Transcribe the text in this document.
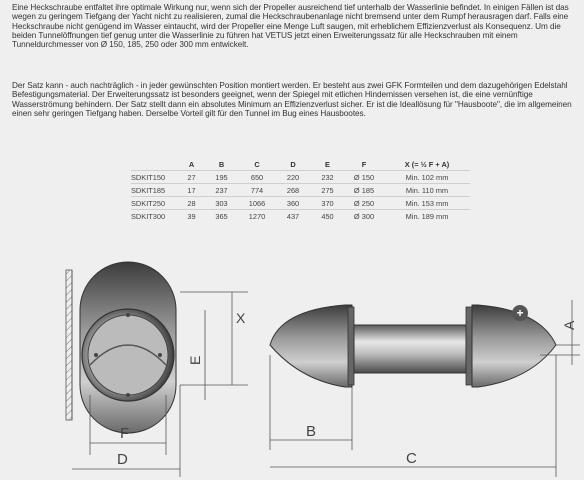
Eine Heckschraube entfaltet ihre optimale Wirkung nur, wenn sich der Propeller ausreichend tief unterhalb der Wasserlinie befindet. In einigen Fällen ist das wegen zu geringem Tiefgang der Yacht nicht zu realisieren, zumal die Heckschraubenanlage nicht bremsend unter dem Rumpf herausragen darf. Falls eine Heckschraube nicht genügend im Wasser eintaucht, wird der Propeller eine Menge Luft saugen, mit erheblichem Effizienzverlust als Konsequenz. Um die beiden Tunnelöffnungen tief genug unter die Wasserlinie zu führen hat VETUS jetzt einen Erweiterungssatz für alle Heckschrauben mit einem Tunneldurchmesser von Ø 150, 185, 250 oder 300 mm entwickelt.

Der Satz kann - auch nachträglich - in jeder gewünschten Position montiert werden. Er besteht aus zwei GFK Formteilen und dem dazugehörigen Edelstahl Befestigungsmaterial. Der Erweiterungssatz ist besonders geeignet, wenn der Spiegel mit etlichen Hindernissen versehen ist, die eine vernünftige Wasserströmung behindern. Der Satz stellt dann ein absolutes Minimum an Effizienzverlust sicher. Er ist die Ideallösung für "Hausboote", die im allgemeinen einen sehr geringen Tiefgang haben. Derselbe Vorteil gilt für den Tunnel im Bug eines Hausbootes.

	A	B	C	D	E	F	X (= ½ F + A)
SDKIT150	27	195	650	220	232	Ø 150	Min. 102 mm
SDKIT185	17	237	774	268	275	Ø 185	Min. 110 mm
SDKIT250	28	303	1066	360	370	Ø 250	Min. 153 mm
SDKIT300	39	365	1270	437	450	Ø 300	Min. 189 mm
X
E
F
D
+
A
B
C
